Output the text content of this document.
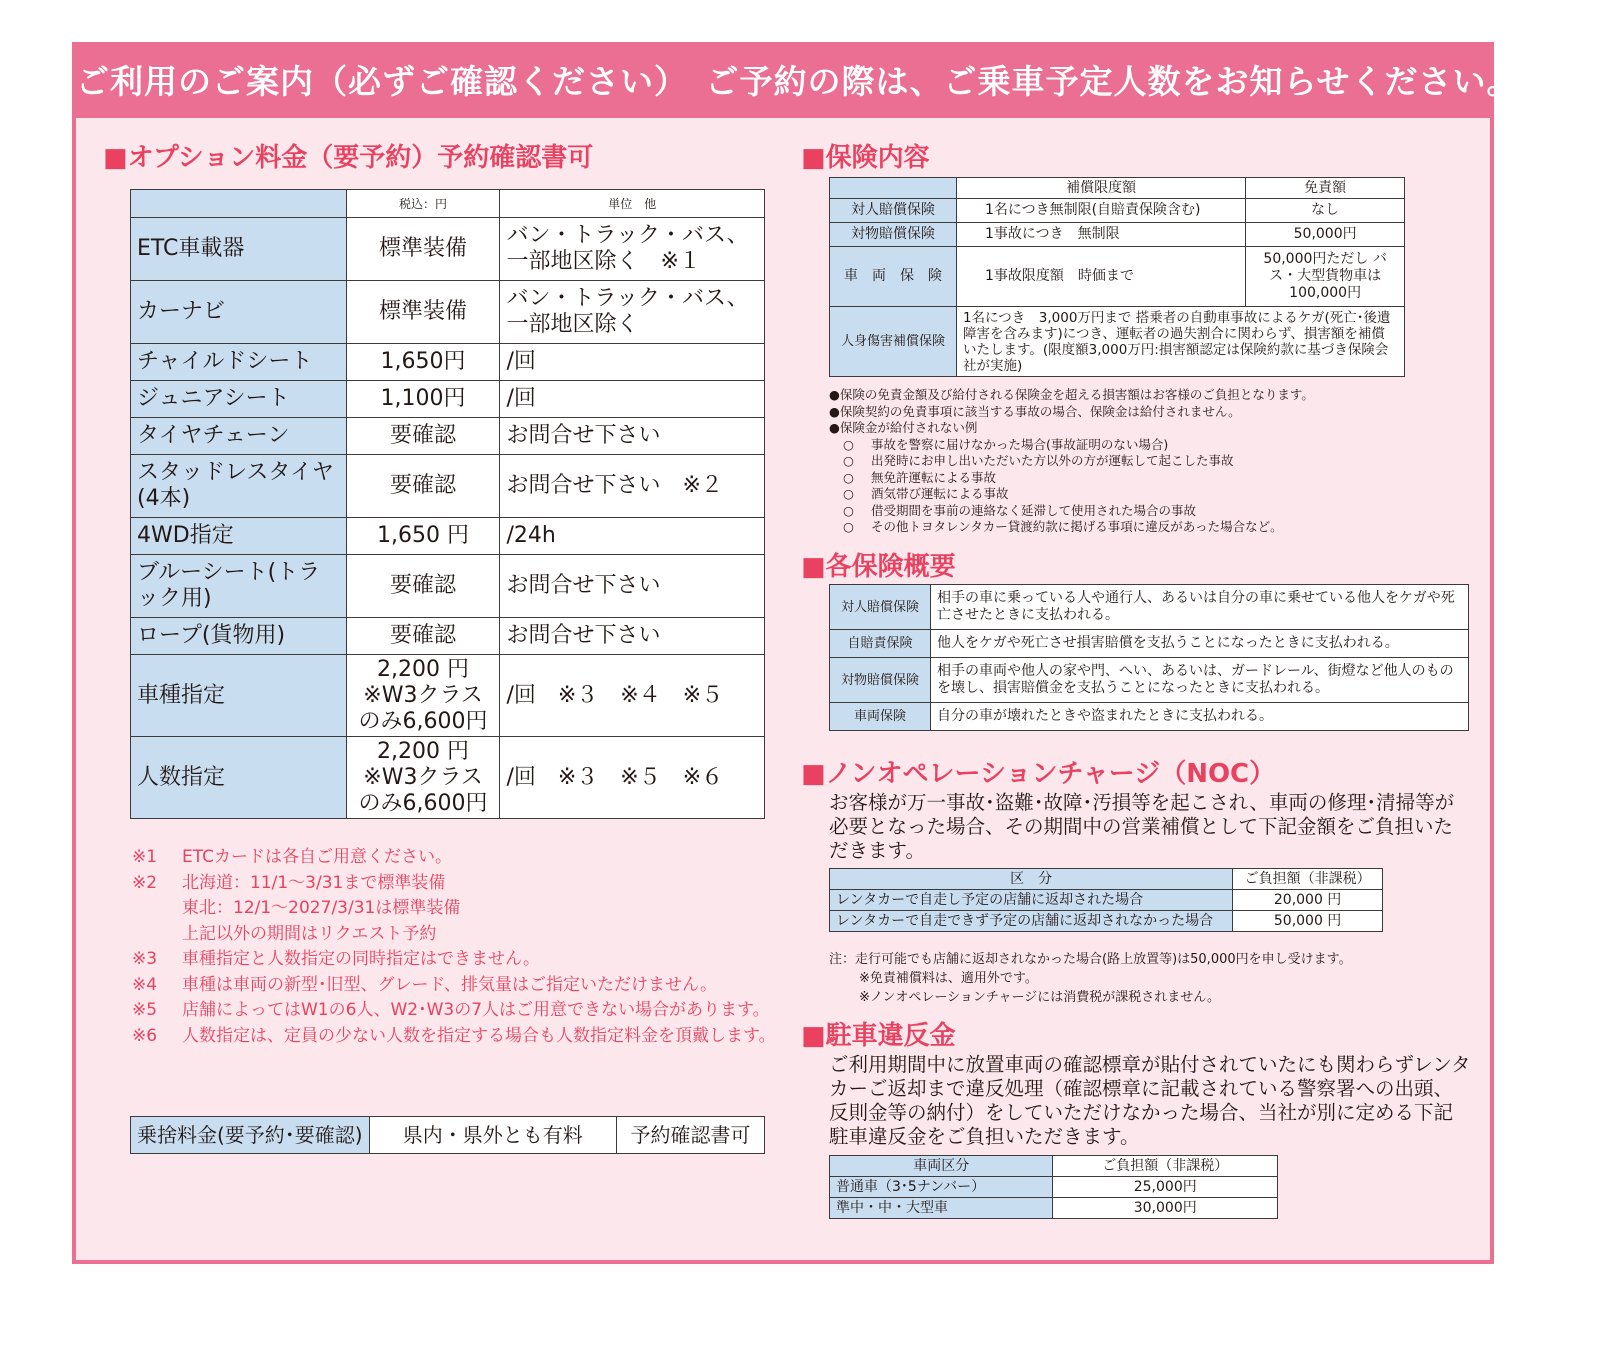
ご利用のご案内（必ずご確認ください）　ご予約の際は、ご乗車予定人数をお知らせください。
■オプション料金（要予約）予約確認書可
	税込：円	単位　他
ETC車載器	標準装備	バン・トラック・バス、一部地区除く　※１
カーナビ	標準装備	バン・トラック・バス、一部地区除く
チャイルドシート	1,650円	/回
ジュニアシート	1,100円	/回
タイヤチェーン	要確認	お問合せ下さい
スタッドレスタイヤ(4本)	要確認	お問合せ下さい　※２
4WD指定	1,650 円	/24h
ブルーシート(トラック用)	要確認	お問合せ下さい
ロープ(貨物用)	要確認	お問合せ下さい
車種指定	2,200 円 ※W3クラスのみ6,600円	/回　※３　※４　※５
人数指定	2,200 円 ※W3クラスのみ6,600円	/回　※３　※５　※６
※1	ETCカードは各自ご用意ください。
※2	北海道：11/1～3/31まで標準装備
東北：12/1～2027/3/31は標準装備
上記以外の期間はリクエスト予約
※3	車種指定と人数指定の同時指定はできません。
※4	車種は車両の新型･旧型、グレード、排気量はご指定いただけません。
※5	店舗によってはW1の6人、W2･W3の7人はご用意できない場合があります。
※6	人数指定は、定員の少ない人数を指定する場合も人数指定料金を頂戴します。
乗捨料金(要予約･要確認)	県内・県外とも有料	予約確認書可
■保険内容
	補償限度額	免責額
対人賠償保険	1名につき無制限(自賠責保険含む)	なし
対物賠償保険	1事故につき　無制限	50,000円
車　両　保　険	1事故限度額　時価まで	50,000円ただし バス・大型貨物車は 100,000円
人身傷害補償保険	1名につき　3,000万円まで 搭乗者の自動車事故によるケガ(死亡･後遺障害を含みます)につき、運転者の過失割合に関わらず、損害額を補償いたします。(限度額3,000万円:損害額認定は保険約款に基づき保険会社が実施)	
●保険の免責金額及び給付される保険金を超える損害額はお客様のご負担となります。
●保険契約の免責事項に該当する事故の場合、保険金は給付されません。
●保険金が給付されない例
○ 事故を警察に届けなかった場合(事故証明のない場合)
○ 出発時にお申し出いただいた方以外の方が運転して起こした事故
○ 無免許運転による事故
○ 酒気帯び運転による事故
○ 借受期間を事前の連絡なく延滞して使用された場合の事故
○ その他トヨタレンタカー貸渡約款に掲げる事項に違反があった場合など。
■各保険概要
対人賠償保険	相手の車に乗っている人や通行人、あるいは自分の車に乗せている他人をケガや死亡させたときに支払われる。
自賠責保険	他人をケガや死亡させ損害賠償を支払うことになったときに支払われる。
対物賠償保険	相手の車両や他人の家や門、へい、あるいは、ガードレール、街燈など他人のものを壊し、損害賠償金を支払うことになったときに支払われる。
車両保険	自分の車が壊れたときや盗まれたときに支払われる。
■ノンオペレーションチャージ（NOC）
お客様が万一事故･盗難･故障･汚損等を起こされ、車両の修理･清掃等が必要となった場合、その期間中の営業補償として下記金額をご負担いただきます。
区　分	ご負担額（非課税）
レンタカーで自走し予定の店舗に返却された場合	20,000 円
レンタカーで自走できず予定の店舗に返却されなかった場合	50,000 円
注：走行可能でも店舗に返却されなかった場合(路上放置等)は50,000円を申し受けます。
※免責補償料は、適用外です。
※ノンオペレーションチャージには消費税が課税されません。
■駐車違反金
ご利用期間中に放置車両の確認標章が貼付されていたにも関わらずレンタカーご返却まで違反処理（確認標章に記載されている警察署への出頭、反則金等の納付）をしていただけなかった場合、当社が別に定める下記駐車違反金をご負担いただきます。
車両区分	ご負担額（非課税）
普通車（3･5ナンバー）	25,000円
準中・中・大型車	30,000円
